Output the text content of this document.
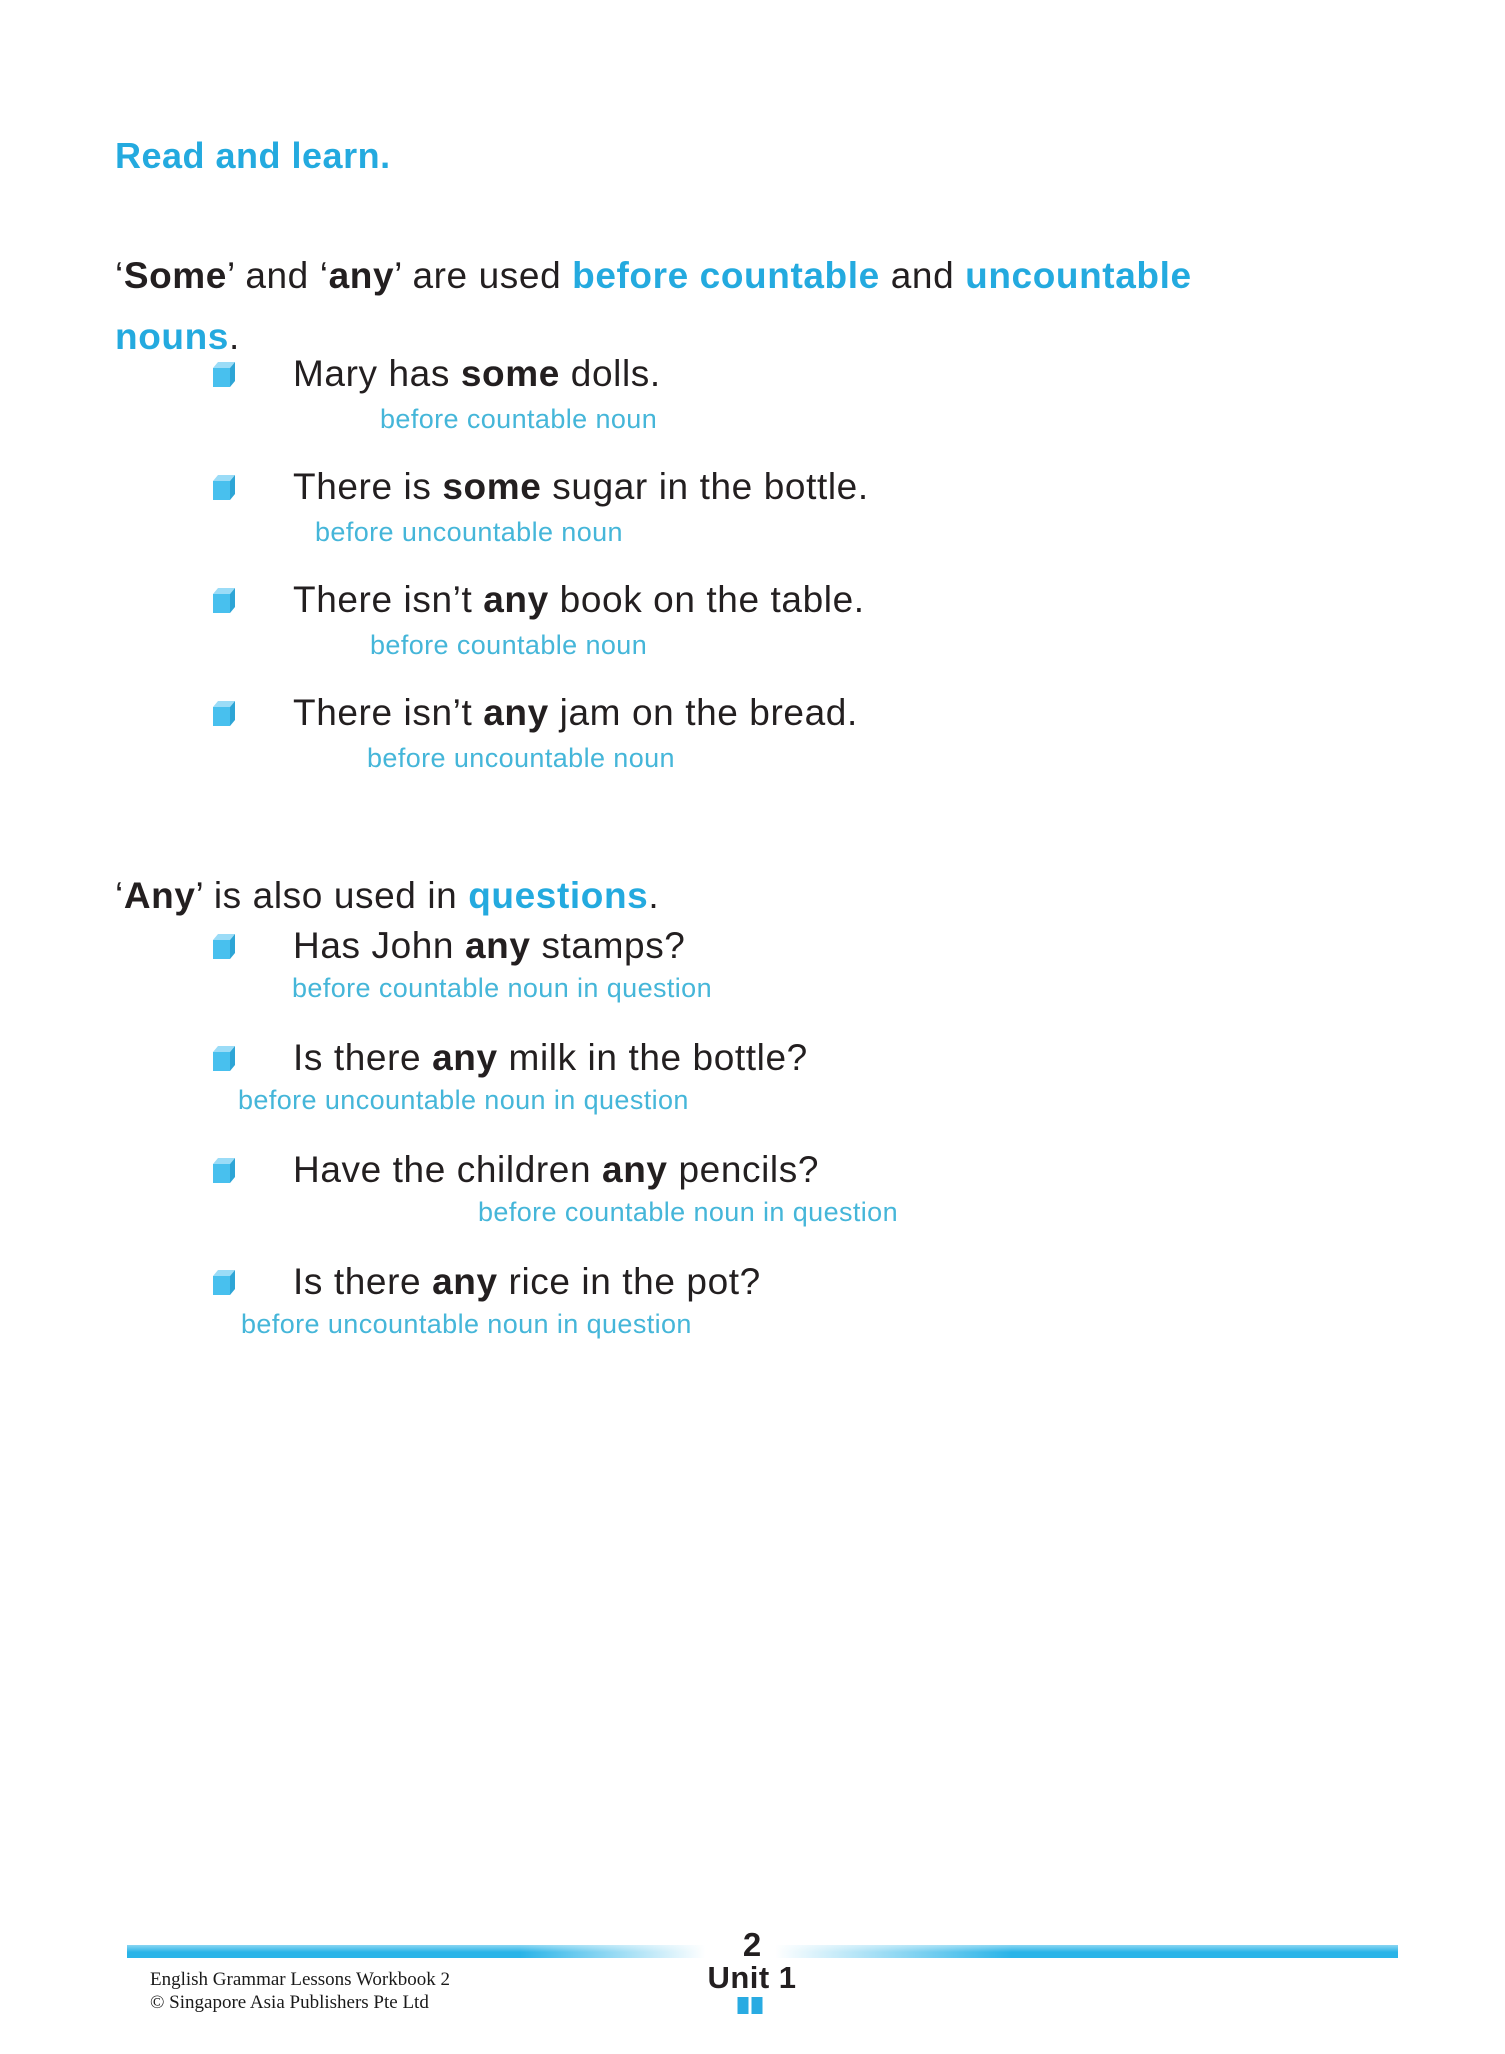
Read and learn.

‘Some’ and ‘any’ are used before countable and uncountable
nouns.

Mary has some dolls.
before countable noun
There is some sugar in the bottle.
before uncountable noun
There isn’t any book on the table.
before countable noun
There isn’t any jam on the bread.
before uncountable noun

‘Any’ is also used in questions.

Has John any stamps?
before countable noun in question
Is there any milk in the bottle?
before uncountable noun in question
Have the children any pencils?
before countable noun in question
Is there any rice in the pot?
before uncountable noun in question
2
Unit 1
English Grammar Lessons Workbook 2
© Singapore Asia Publishers Pte Ltd
